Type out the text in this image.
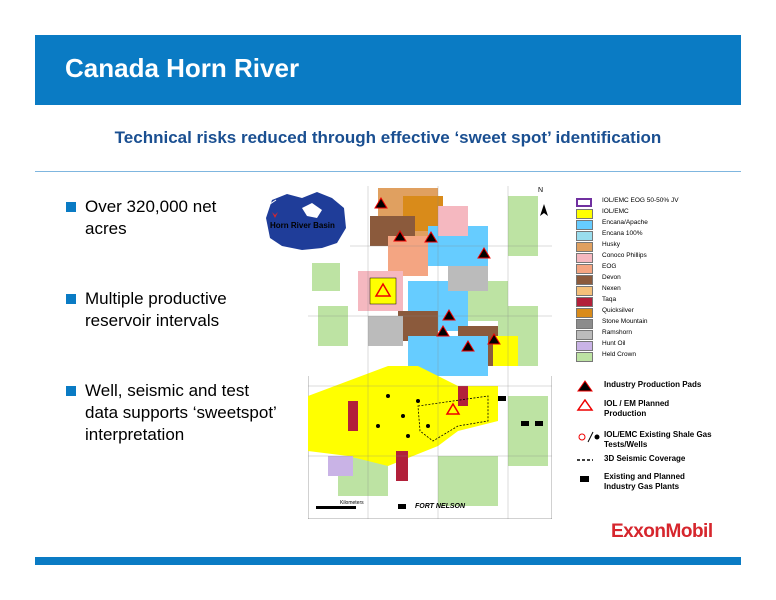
Canada Horn River
Technical risks reduced through effective ‘sweet spot’ identification
Over 320,000 net
acres
Multiple productive
reservoir intervals
Well, seismic and test
data supports ‘sweetspot’
interpretation
N
FORT NELSON
Kilometers
Horn River Basin
IOL/EMC EOG 50-50% JV
IOL/EMC
Encana/Apache
Encana 100%
Husky
Conoco Phillips
EOG
Devon
Nexen
Taqa
Quicksilver
Stone Mountain
Ramshorn
Hunt Oil
Held Crown
Industry Production Pads
IOL / EM Planned Production
IOL/EMC Existing Shale Gas Tests/Wells
3D Seismic Coverage
Existing and Planned Industry Gas Plants
ExxonMobil
